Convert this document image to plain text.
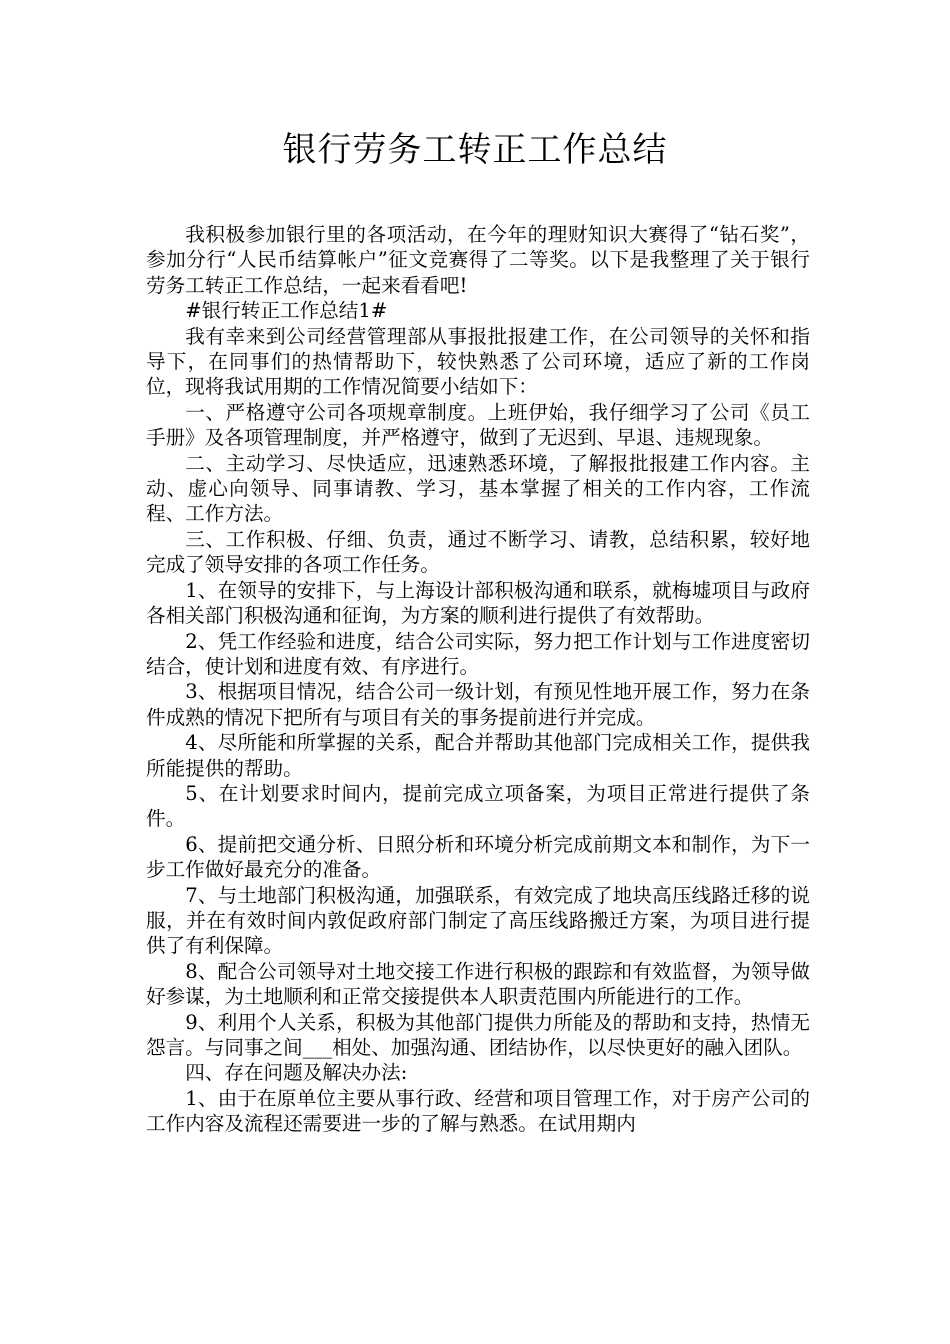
银行劳务工转正工作总结

我积极参加银行里的各项活动，在今年的理财知识大赛得了“钻石奖”，参加分行“人民币结算帐户”征文竞赛得了二等奖。以下是我整理了关于银行劳务工转正工作总结，一起来看看吧!

#银行转正工作总结1#

我有幸来到公司经营管理部从事报批报建工作，在公司领导的关怀和指导下，在同事们的热情帮助下，较快熟悉了公司环境，适应了新的工作岗位，现将我试用期的工作情况简要小结如下：

一、严格遵守公司各项规章制度。上班伊始，我仔细学习了公司《员工手册》及各项管理制度，并严格遵守，做到了无迟到、早退、违规现象。

二、主动学习、尽快适应，迅速熟悉环境，了解报批报建工作内容。主动、虚心向领导、同事请教、学习，基本掌握了相关的工作内容，工作流程、工作方法。

三、工作积极、仔细、负责，通过不断学习、请教，总结积累，较好地完成了领导安排的各项工作任务。

1、在领导的安排下，与上海设计部积极沟通和联系，就梅墟项目与政府各相关部门积极沟通和征询，为方案的顺利进行提供了有效帮助。

2、凭工作经验和进度，结合公司实际，努力把工作计划与工作进度密切结合，使计划和进度有效、有序进行。

3、根据项目情况，结合公司一级计划，有预见性地开展工作，努力在条件成熟的情况下把所有与项目有关的事务提前进行并完成。

4、尽所能和所掌握的关系，配合并帮助其他部门完成相关工作，提供我所能提供的帮助。

5、在计划要求时间内，提前完成立项备案，为项目正常进行提供了条件。

6、提前把交通分析、日照分析和环境分析完成前期文本和制作，为下一步工作做好最充分的准备。

7、与土地部门积极沟通，加强联系，有效完成了地块高压线路迁移的说服，并在有效时间内敦促政府部门制定了高压线路搬迁方案，为项目进行提供了有利保障。

8、配合公司领导对土地交接工作进行积极的跟踪和有效监督，为领导做好参谋，为土地顺利和正常交接提供本人职责范围内所能进行的工作。

9、利用个人关系，积极为其他部门提供力所能及的帮助和支持，热情无怨言。与同事之间___相处、加强沟通、团结协作，以尽快更好的融入团队。

四、存在问题及解决办法:

1、由于在原单位主要从事行政、经营和项目管理工作，对于房产公司的工作内容及流程还需要进一步的了解与熟悉。在试用期内
